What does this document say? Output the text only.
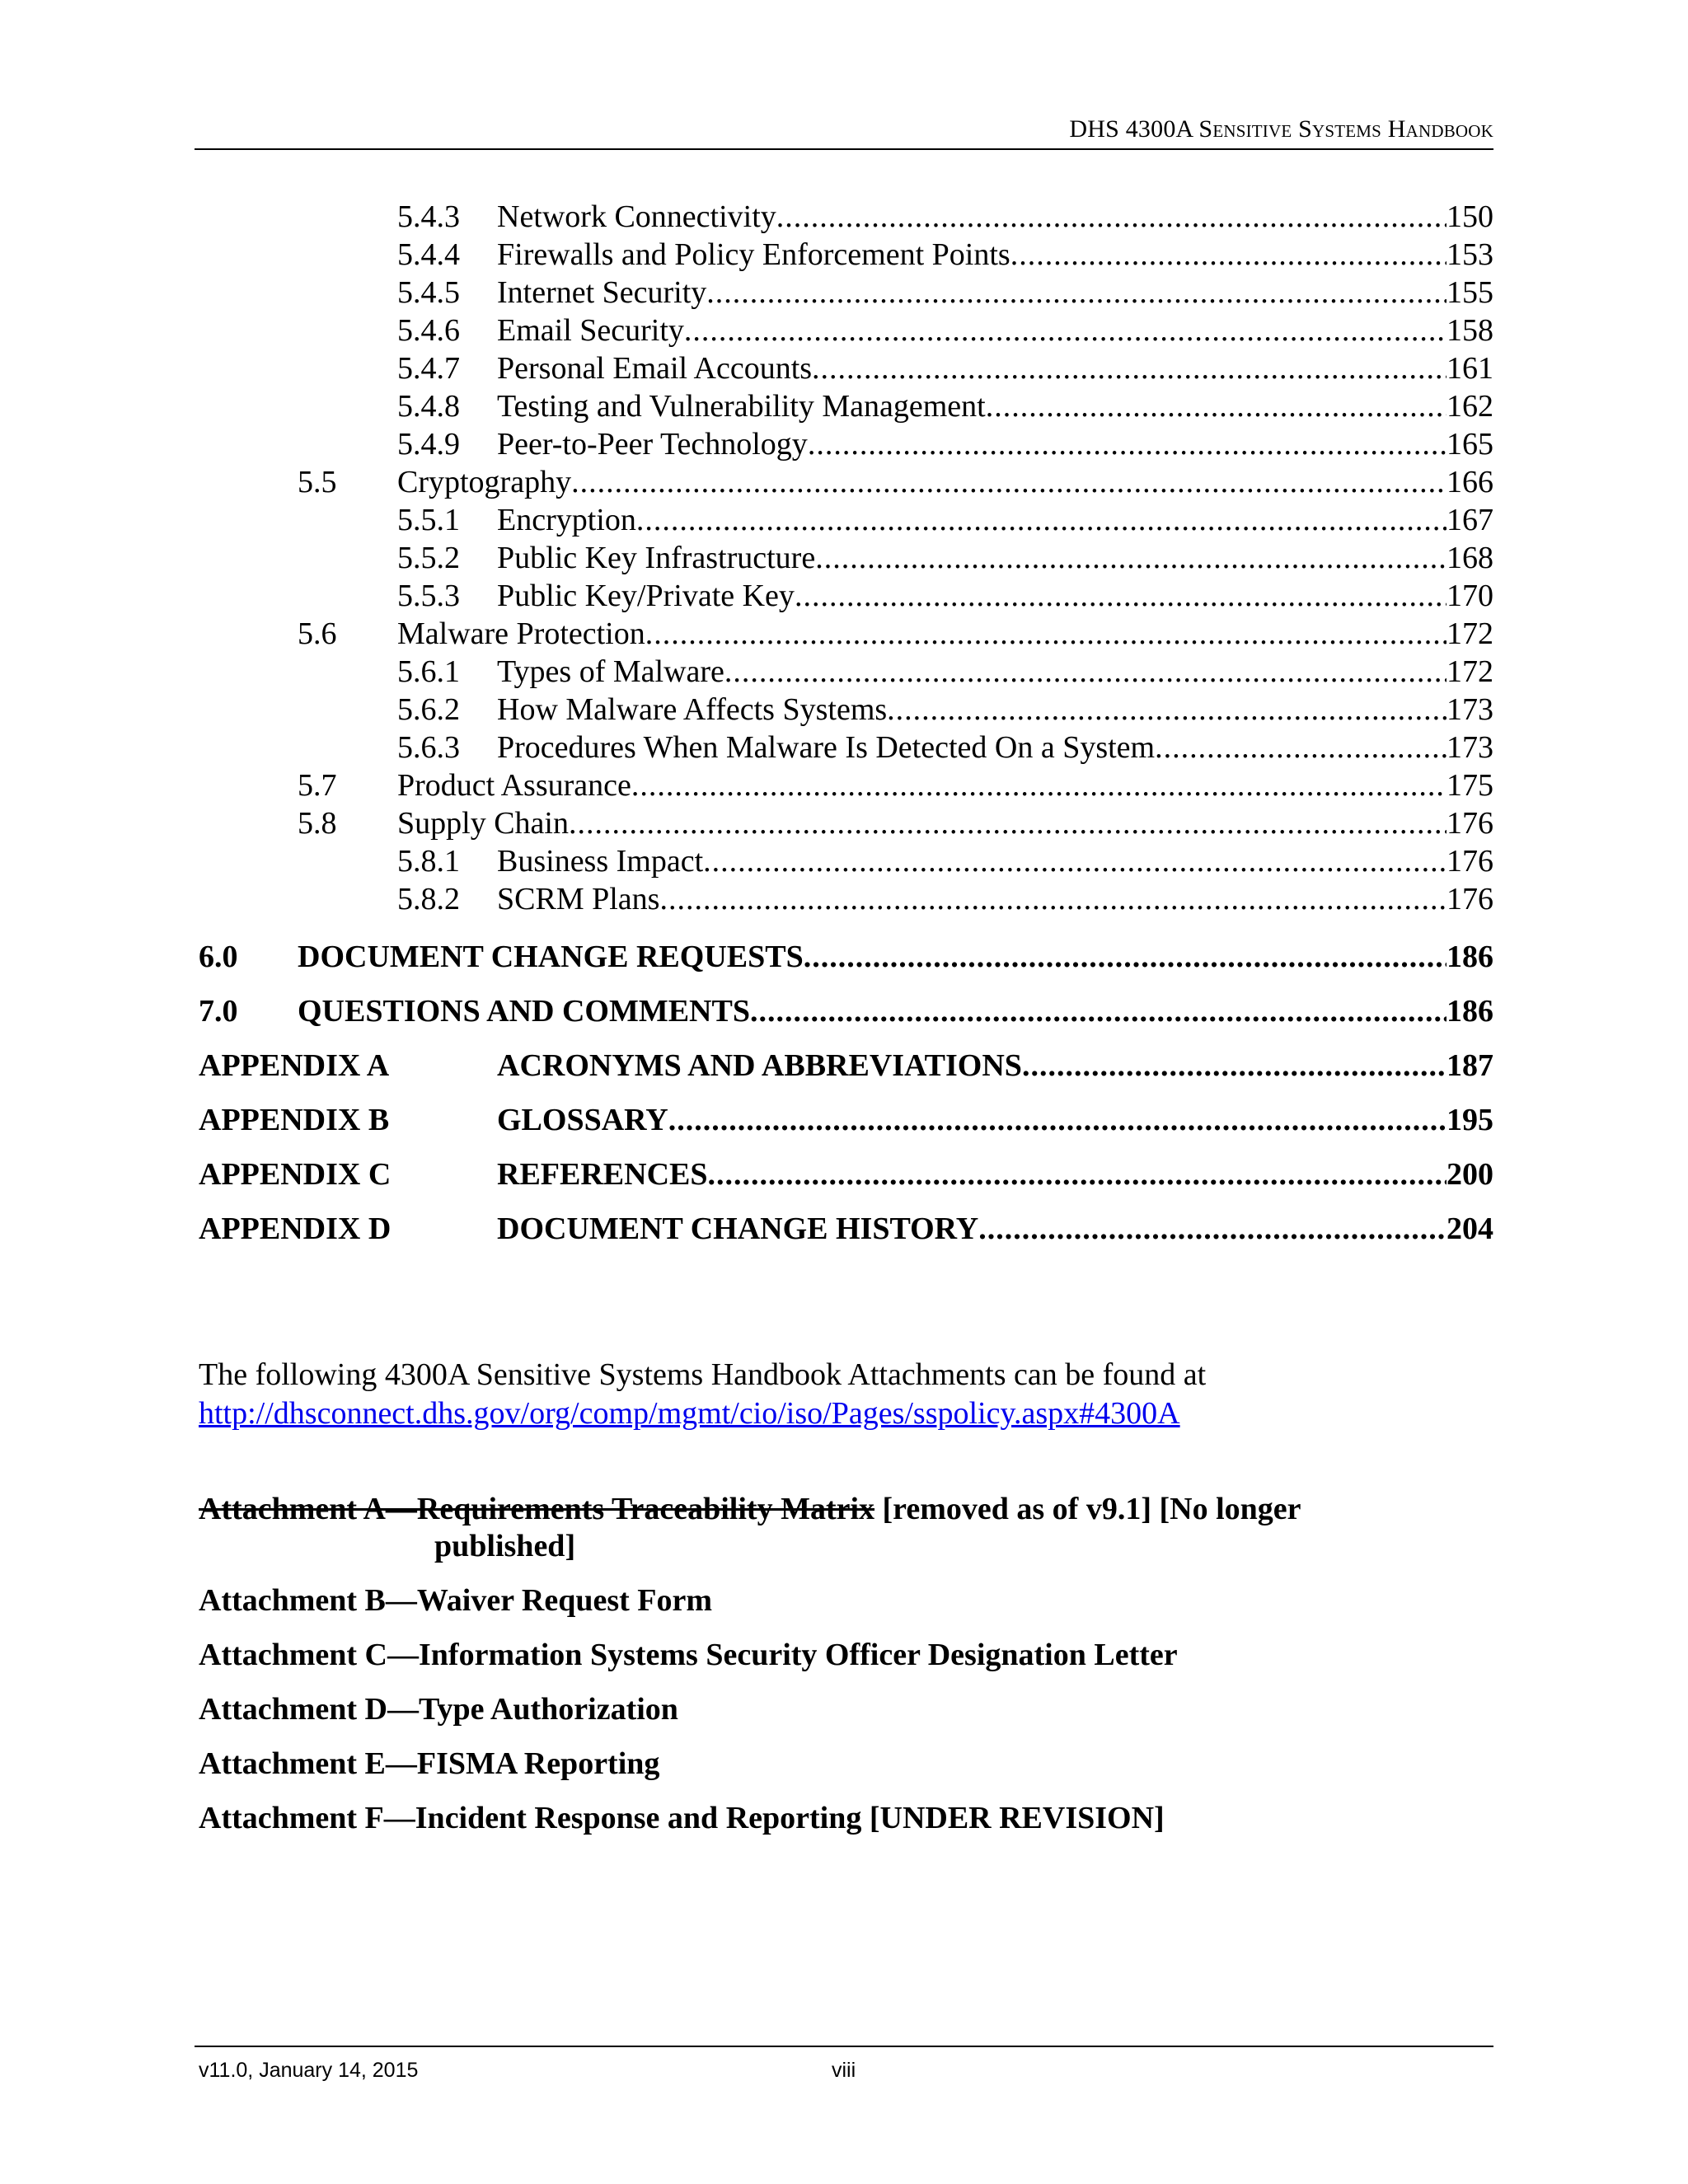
DHS 4300A Sensitive Systems Handbook
5.4.3 Network Connectivity .....	150
5.4.4 Firewalls and Policy Enforcement Points .....	153
5.4.5 Internet Security .....	155
5.4.6 Email Security .....	158
5.4.7 Personal Email Accounts .....	161
5.4.8 Testing and Vulnerability Management .....	162
5.4.9 Peer-to-Peer Technology .....	165
5.5 Cryptography .....	166
5.5.1 Encryption .....	167
5.5.2 Public Key Infrastructure .....	168
5.5.3 Public Key/Private Key .....	170
5.6 Malware Protection .....	172
5.6.1 Types of Malware .....	172
5.6.2 How Malware Affects Systems .....	173
5.6.3 Procedures When Malware Is Detected On a System .....	173
5.7 Product Assurance .....	175
5.8 Supply Chain .....	176
5.8.1 Business Impact .....	176
5.8.2 SCRM Plans .....	176
6.0 DOCUMENT CHANGE REQUESTS .....	186
7.0 QUESTIONS AND COMMENTS .....	186
APPENDIX A	ACRONYMS AND ABBREVIATIONS .....	187
APPENDIX B	GLOSSARY .....	195
APPENDIX C	REFERENCES .....	200
APPENDIX D	DOCUMENT CHANGE HISTORY .....	204
The following 4300A Sensitive Systems Handbook Attachments can be found at
http://dhsconnect.dhs.gov/org/comp/mgmt/cio/iso/Pages/sspolicy.aspx#4300A
Attachment A—Requirements Traceability Matrix [removed as of v9.1] [No longer
published]
Attachment B—Waiver Request Form
Attachment C—Information Systems Security Officer Designation Letter
Attachment D—Type Authorization
Attachment E—FISMA Reporting
Attachment F—Incident Response and Reporting [UNDER REVISION]
v11.0, January 14, 2015	viii
